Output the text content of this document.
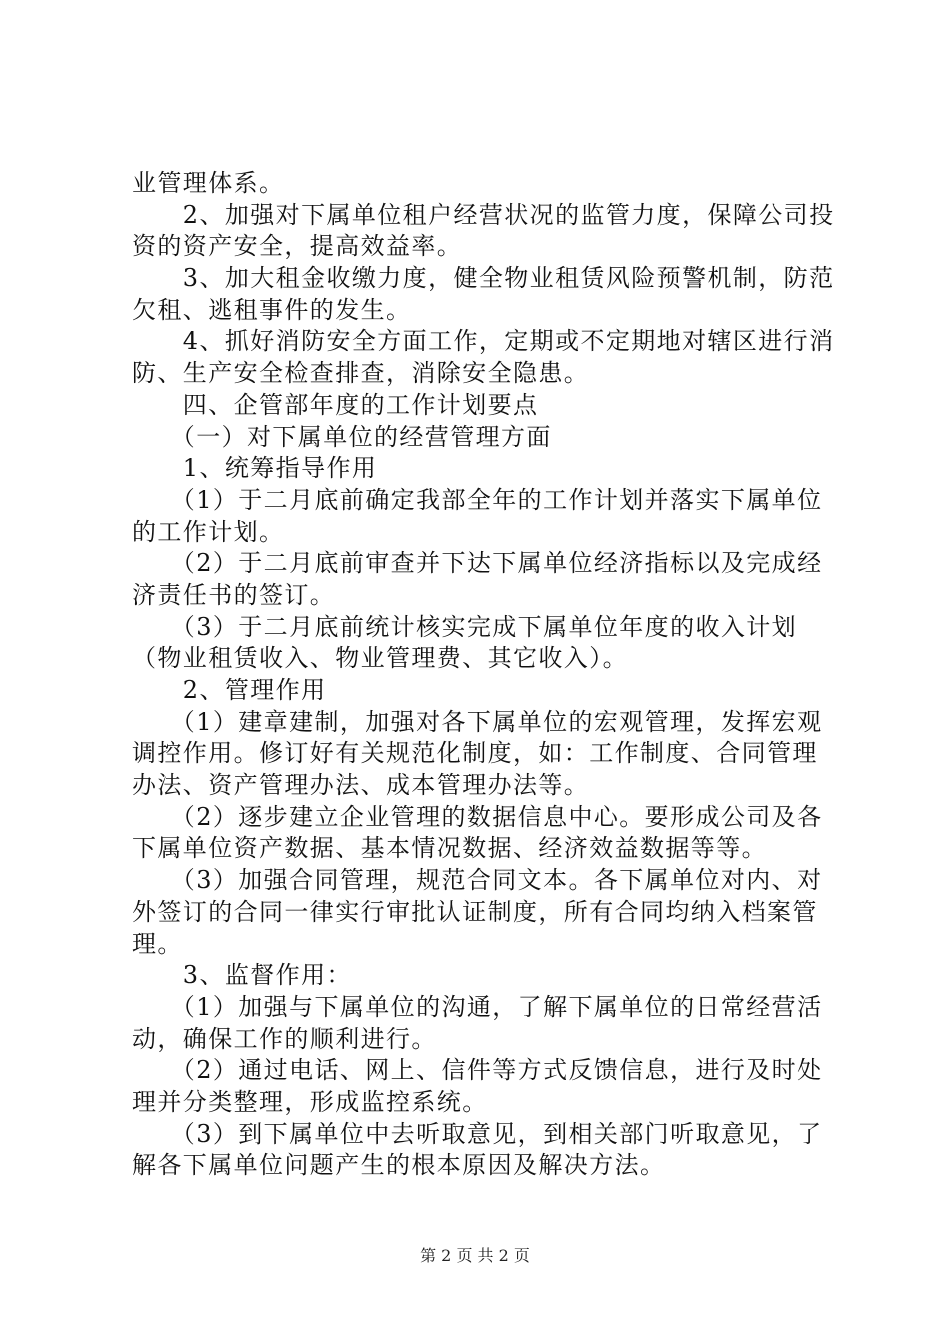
业管理体系。
　　2、加强对下属单位租户经营状况的监管力度，保障公司投
资的资产安全，提高效益率。
　　3、加大租金收缴力度，健全物业租赁风险预警机制，防范
欠租、逃租事件的发生。
　　4、抓好消防安全方面工作，定期或不定期地对辖区进行消
防、生产安全检查排查，消除安全隐患。
　　四、企管部年度的工作计划要点
　　（一）对下属单位的经营管理方面
　　1、统筹指导作用
　　（1）于二月底前确定我部全年的工作计划并落实下属单位
的工作计划。
　　（2）于二月底前审查并下达下属单位经济指标以及完成经
济责任书的签订。
　　（3）于二月底前统计核实完成下属单位年度的收入计划
（物业租赁收入、物业管理费、其它收入）。
　　2、管理作用
　　（1）建章建制，加强对各下属单位的宏观管理，发挥宏观
调控作用。修订好有关规范化制度，如：工作制度、合同管理
办法、资产管理办法、成本管理办法等。
　　（2）逐步建立企业管理的数据信息中心。要形成公司及各
下属单位资产数据、基本情况数据、经济效益数据等等。
　　（3）加强合同管理，规范合同文本。各下属单位对内、对
外签订的合同一律实行审批认证制度，所有合同均纳入档案管
理。
　　3、监督作用：
　　（1）加强与下属单位的沟通，了解下属单位的日常经营活
动，确保工作的顺利进行。
　　（2）通过电话、网上、信件等方式反馈信息，进行及时处
理并分类整理，形成监控系统。
　　（3）到下属单位中去听取意见，到相关部门听取意见，了
解各下属单位问题产生的根本原因及解决方法。
第 2 页 共 2 页
